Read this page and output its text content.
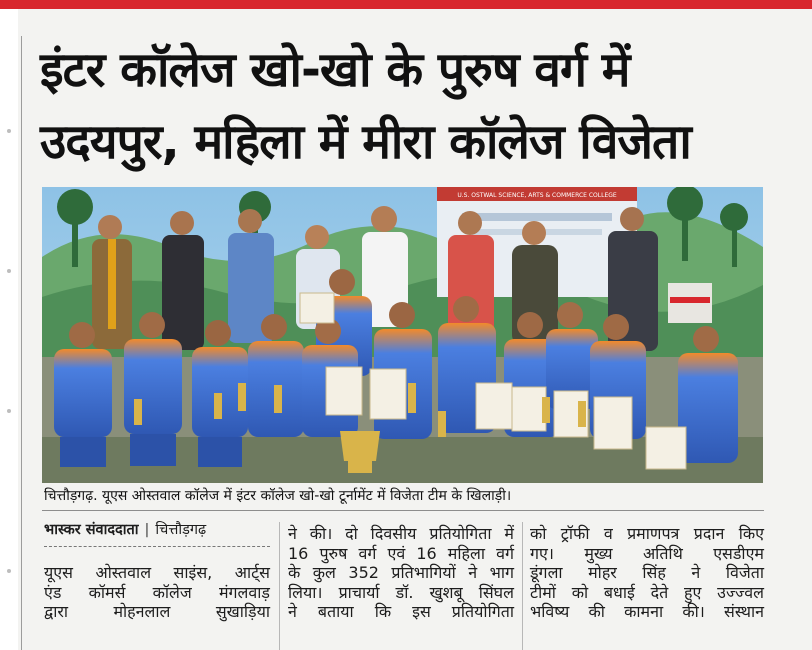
इंटर कॉलेज खो-खो के पुरुष वर्ग में
उदयपुर, महिला में मीरा कॉलेज विजेता
U.S. OSTWAL SCIENCE, ARTS & COMMERCE COLLEGE
चित्तौड़गढ़. यूएस ओस्तवाल कॉलेज में इंटर कॉलेज खो-खो टूर्नामेंट में विजेता टीम के खिलाड़ी।
भास्कर संवाददाता | चित्तौड़गढ़
यूएस ओस्तवाल साइंस, आर्ट्स
एंड कॉमर्स कॉलेज मंगलवाड़
द्वारा मोहनलाल सुखाड़िया
ने की। दो दिवसीय प्रतियोगिता में
16 पुरुष वर्ग एवं 16 महिला वर्ग
के कुल 352 प्रतिभागियों ने भाग
लिया। प्राचार्या डॉ. खुशबू सिंघल
ने बताया कि इस प्रतियोगिता
को ट्रॉफी व प्रमाणपत्र प्रदान किए
गए। मुख्य अतिथि एसडीएम
डूंगला मोहर सिंह ने विजेता
टीमों को बधाई देते हुए उज्ज्वल
भविष्य की कामना की। संस्थान
